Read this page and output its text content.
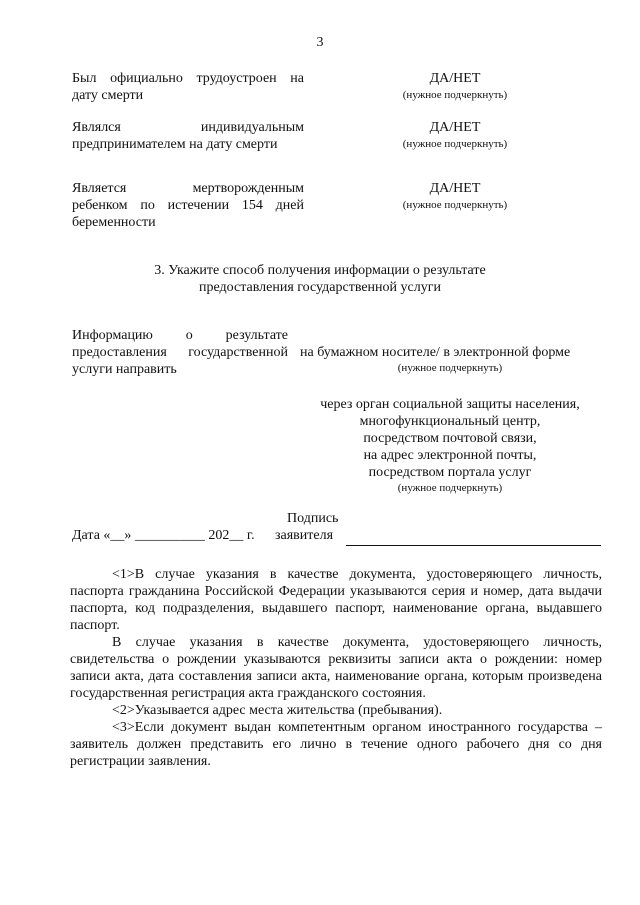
3
Был официально трудоустроен на
дату смерти
ДА/НЕТ
(нужное подчеркнуть)
Являлся индивидуальным
предпринимателем на дату смерти
ДА/НЕТ
(нужное подчеркнуть)
Является мертворожденным
ребенком по истечении 154 дней
беременности
ДА/НЕТ
(нужное подчеркнуть)
3. Укажите способ получения информации о результате
предоставления государственной услуги
Информацию о результате
предоставления государственной
услуги направить
на бумажном носителе/ в электронной форме
(нужное подчеркнуть)
через орган социальной защиты населения,
многофункциональный центр,
посредством почтовой связи,
на адрес электронной почты,
посредством портала услуг
(нужное подчеркнуть)
Подпись
Дата «__» __________ 202__ г.	заявителя

<1>В случае указания в качестве документа, удостоверяющего личность, паспорта гражданина Российской Федерации указываются серия и номер, дата выдачи паспорта, код подразделения, выдавшего паспорт, наименование органа, выдавшего паспорт.

В случае указания в качестве документа, удостоверяющего личность, свидетельства о рождении указываются реквизиты записи акта о рождении: номер записи акта, дата составления записи акта, наименование органа, которым произведена государственная регистрация акта гражданского состояния.

<2>Указывается адрес места жительства (пребывания).

<3>Если документ выдан компетентным органом иностранного государства – заявитель должен представить его лично в течение одного рабочего дня со дня регистрации заявления.
